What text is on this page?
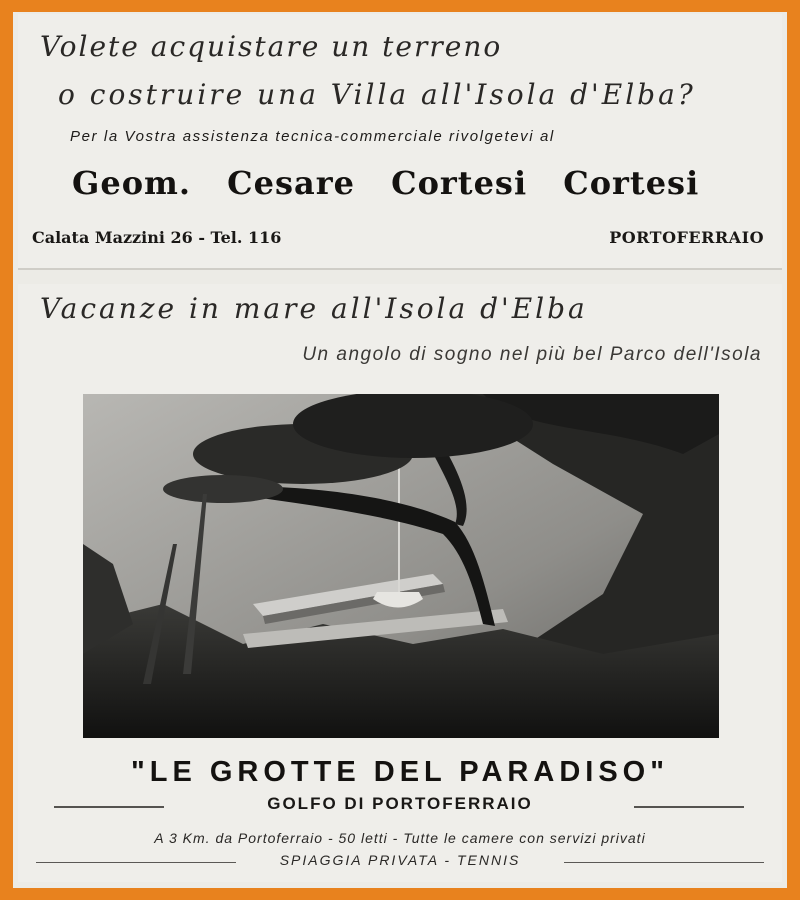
Volete acquistare un terreno
o costruire una Villa all'Isola d'Elba?
Per la Vostra assistenza tecnica-commerciale rivolgetevi al
Geom. Cesare Cortesi Cortesi
Calata Mazzini 26 - Tel. 116	PORTOFERRAIO
Vacanze in mare all'Isola d'Elba
Un angolo di sogno nel più bel Parco dell'Isola
"LE GROTTE DEL PARADISO"
GOLFO DI PORTOFERRAIO
A 3 Km. da Portoferraio - 50 letti - Tutte le camere con servizi privati
SPIAGGIA PRIVATA - TENNIS
